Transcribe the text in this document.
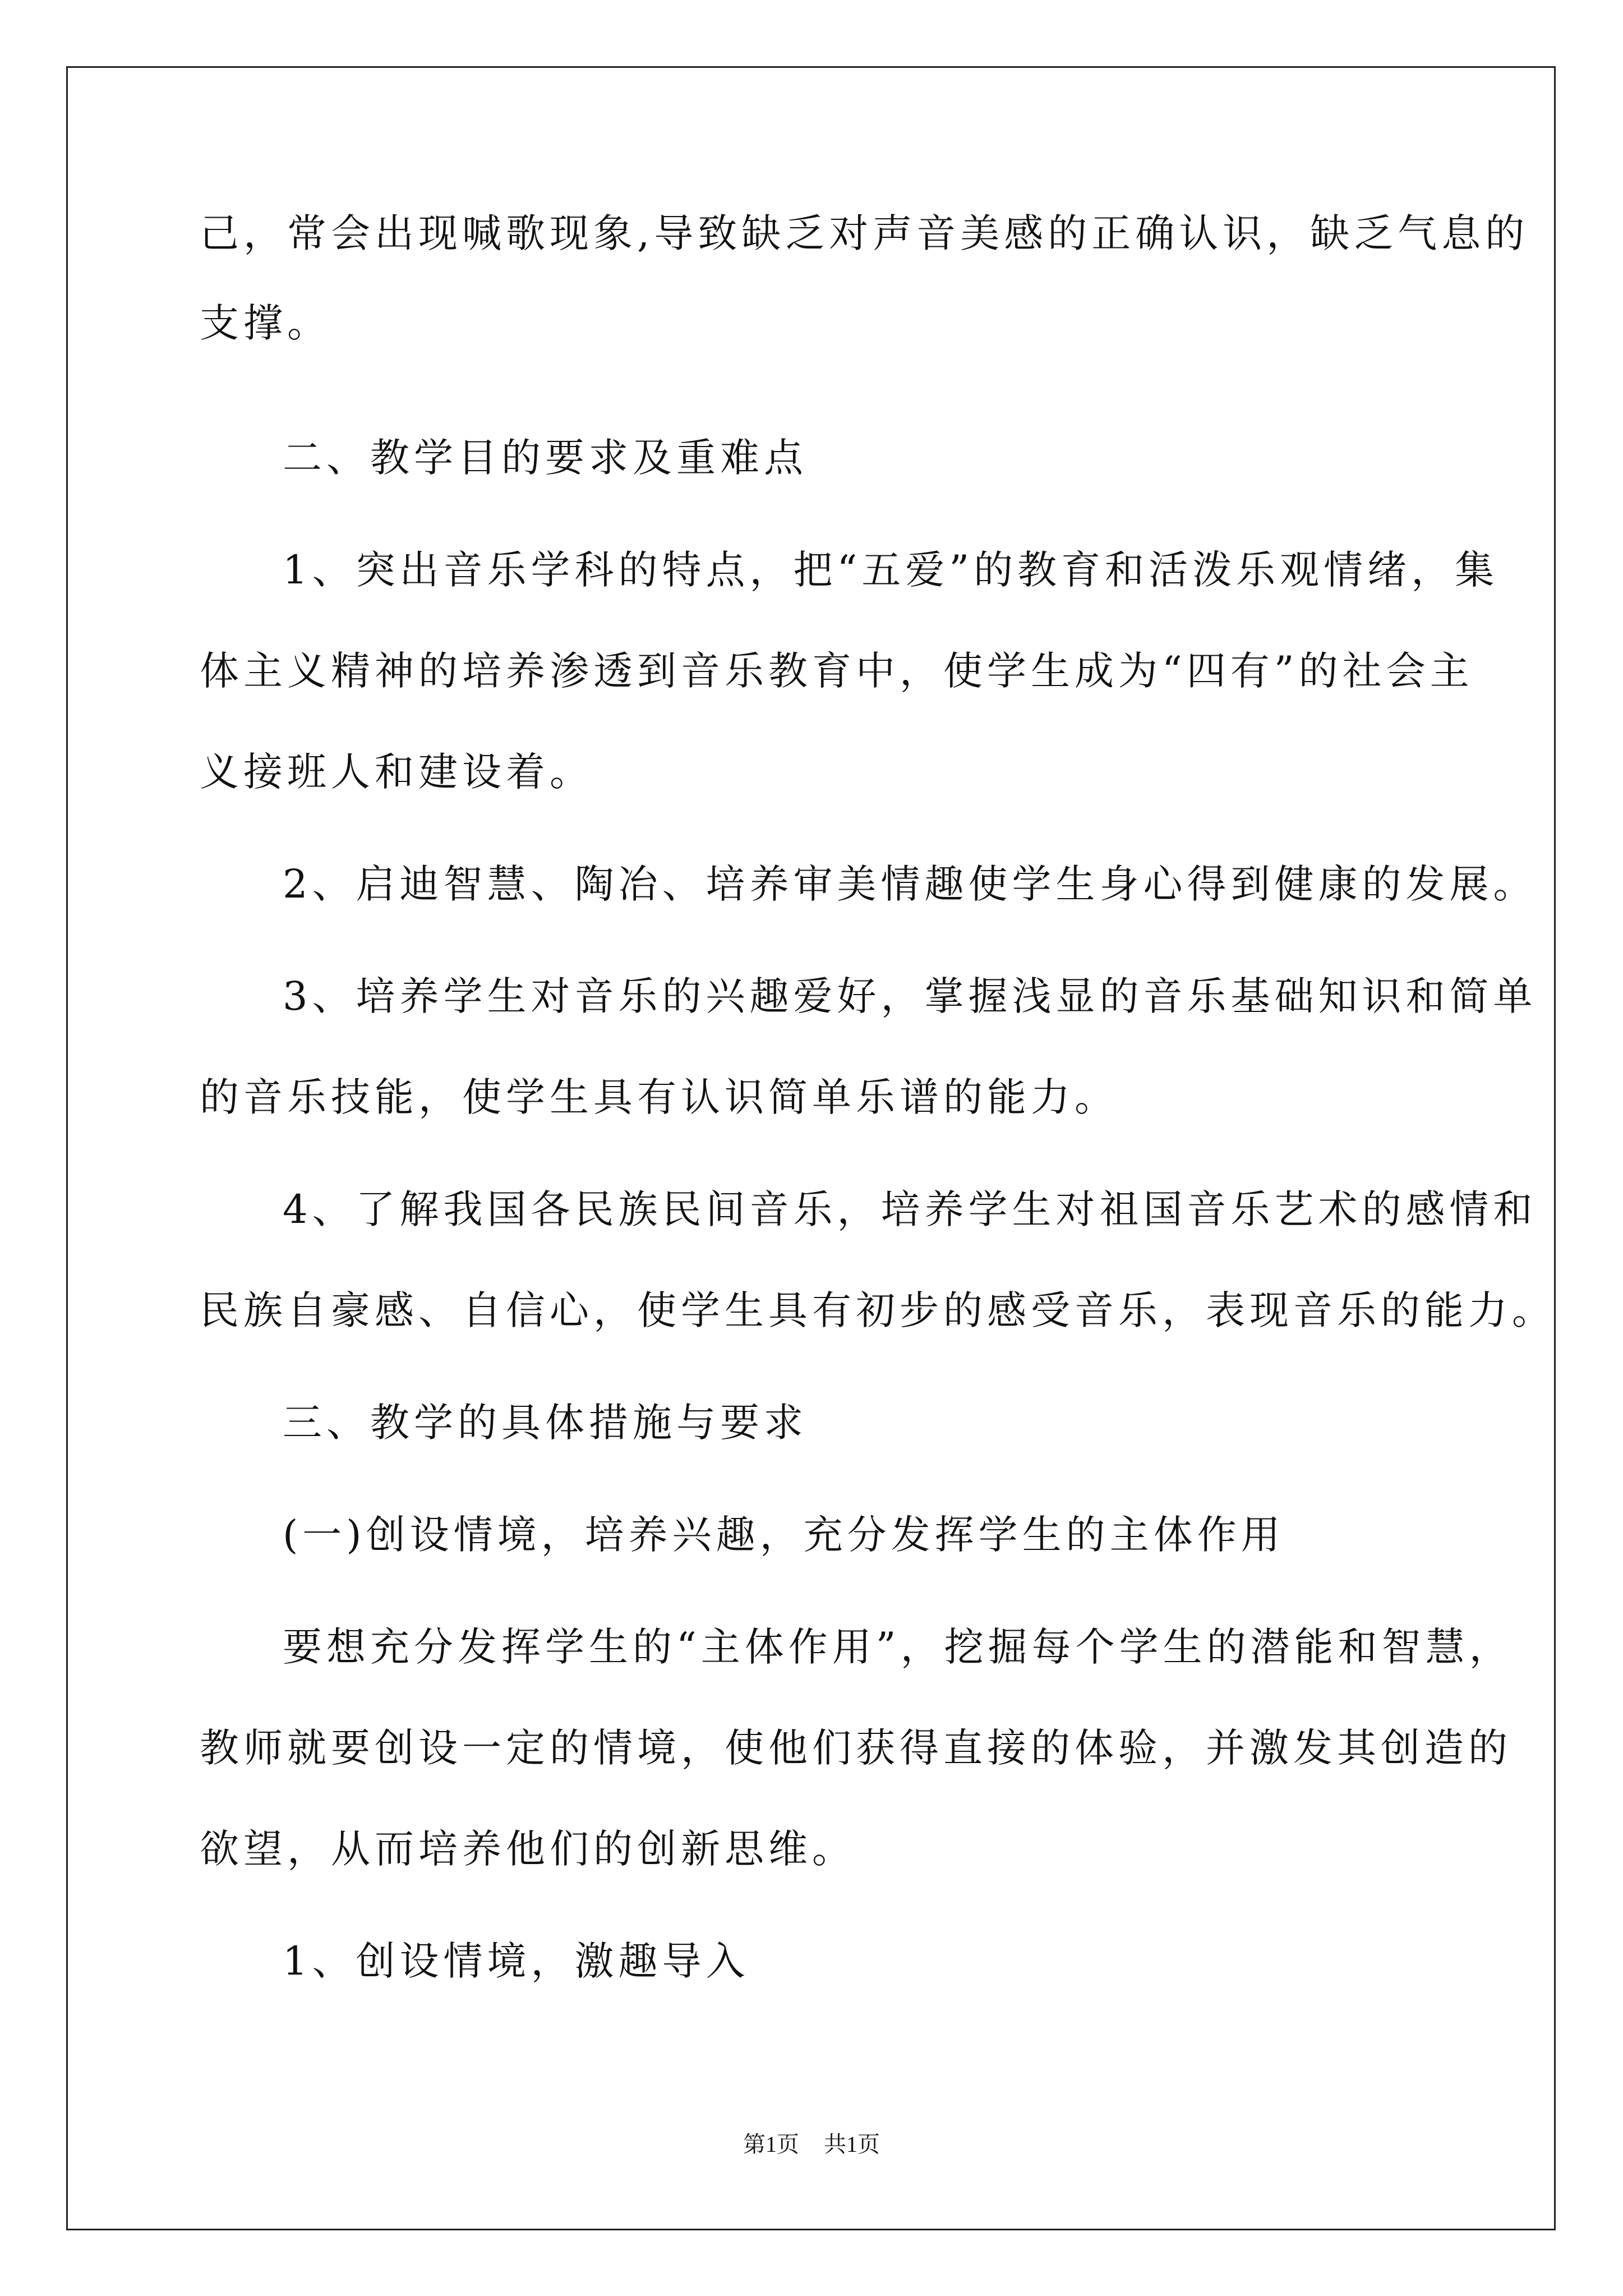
己，常会出现喊歌现象,导致缺乏对声音美感的正确认识，缺乏气息的
支撑。
二、教学目的要求及重难点
1、突出音乐学科的特点，把“五爱”的教育和活泼乐观情绪，集
体主义精神的培养渗透到音乐教育中，使学生成为“四有”的社会主
义接班人和建设着。
2、启迪智慧、陶冶、培养审美情趣使学生身心得到健康的发展。
3、培养学生对音乐的兴趣爱好，掌握浅显的音乐基础知识和简单
的音乐技能，使学生具有认识简单乐谱的能力。
4、了解我国各民族民间音乐，培养学生对祖国音乐艺术的感情和
民族自豪感、自信心，使学生具有初步的感受音乐，表现音乐的能力。
三、教学的具体措施与要求
(一)创设情境，培养兴趣，充分发挥学生的主体作用
要想充分发挥学生的“主体作用”，挖掘每个学生的潜能和智慧，
教师就要创设一定的情境，使他们获得直接的体验，并激发其创造的
欲望，从而培养他们的创新思维。
1、创设情境，激趣导入
第1页 共1页
